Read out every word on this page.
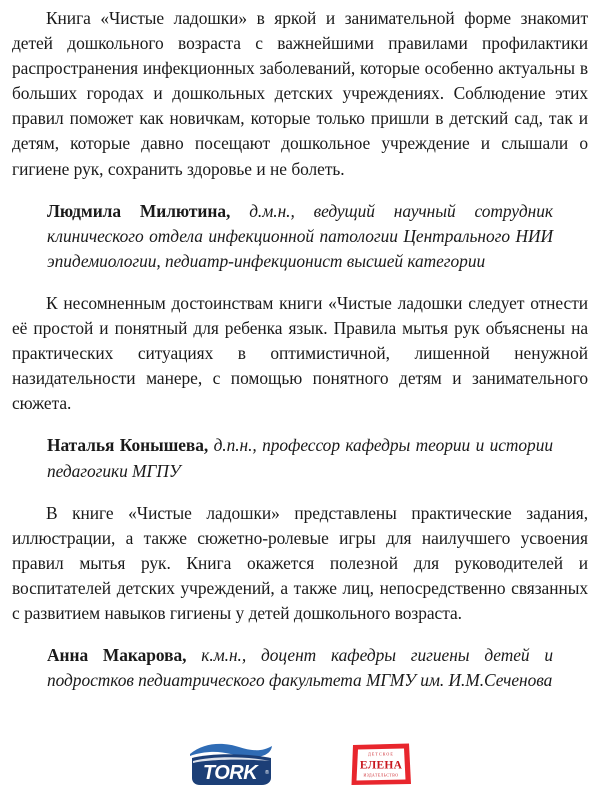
Книга «Чистые ладошки» в яркой и занимательной форме знакомит детей дошкольного возраста с важнейшими правилами профилактики распространения инфекционных заболеваний, которые особенно актуальны в больших городах и дошкольных детских учреждениях. Соблюдение этих правил поможет как новичкам, которые только пришли в детский сад, так и детям, которые давно посещают дошкольное учреждение и слышали о гигиене рук, сохранить здоровье и не болеть.

Людмила Милютина, д.м.н., ведущий научный сотрудник клинического отдела инфекционной патологии Центрального НИИ эпидемиологии, педиатр-инфекционист высшей категории

К несомненным достоинствам книги «Чистые ладошки следует отнести её простой и понятный для ребенка язык. Правила мытья рук объяснены на практических ситуациях в оптимистичной, лишенной ненужной назидательности манере, с помощью понятного детям и занимательного сюжета.

Наталья Конышева, д.п.н., профессор кафедры теории и истории педагогики МГПУ

В книге «Чистые ладошки» представлены практические задания, иллюстрации, а также сюжетно-ролевые игры для наилучшего усвоения правил мытья рук. Книга окажется полезной для руководителей и воспитателей детских учреждений, а также лиц, непосредственно связанных с развитием навыков гигиены у детей дошкольного возраста.

Анна Макарова, к.м.н., доцент кафедры гигиены детей и подростков педиатрического факультета МГМУ им. И.М.Сеченова

TORK ®
ДЕТСКОЕ
ЕЛЕНА
ИЗДАТЕЛЬСТВО
